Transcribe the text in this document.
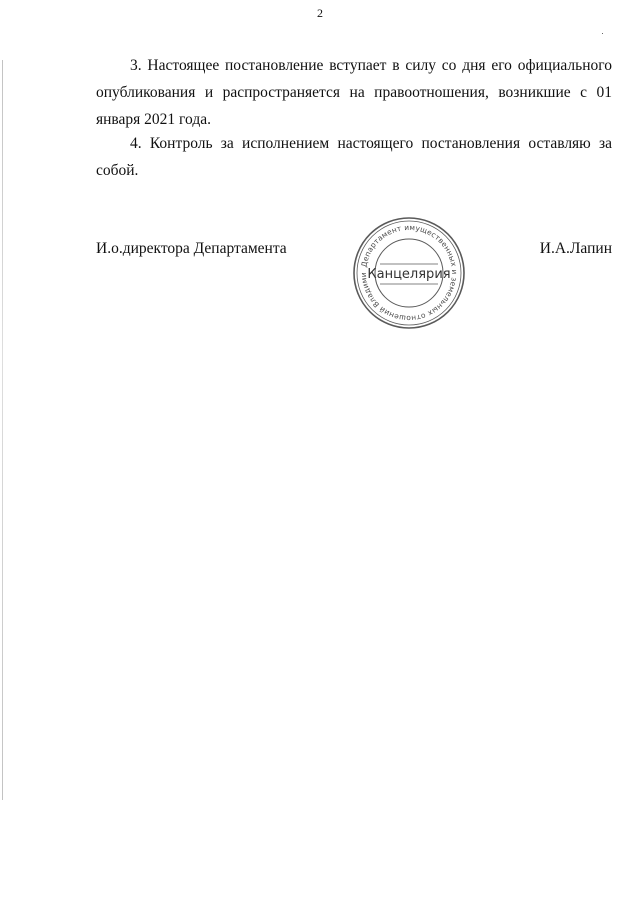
2

3. Настоящее постановление вступает в силу со дня его официального опубликования и распространяется на правоотношения, возникшие с 01 января 2021 года.

4. Контроль за исполнением настоящего постановления оставляю за собой.

И.о.директора Департамента	И.А.Лапин
Департамент имущественных и земельных отношений Владими Канцелярия
